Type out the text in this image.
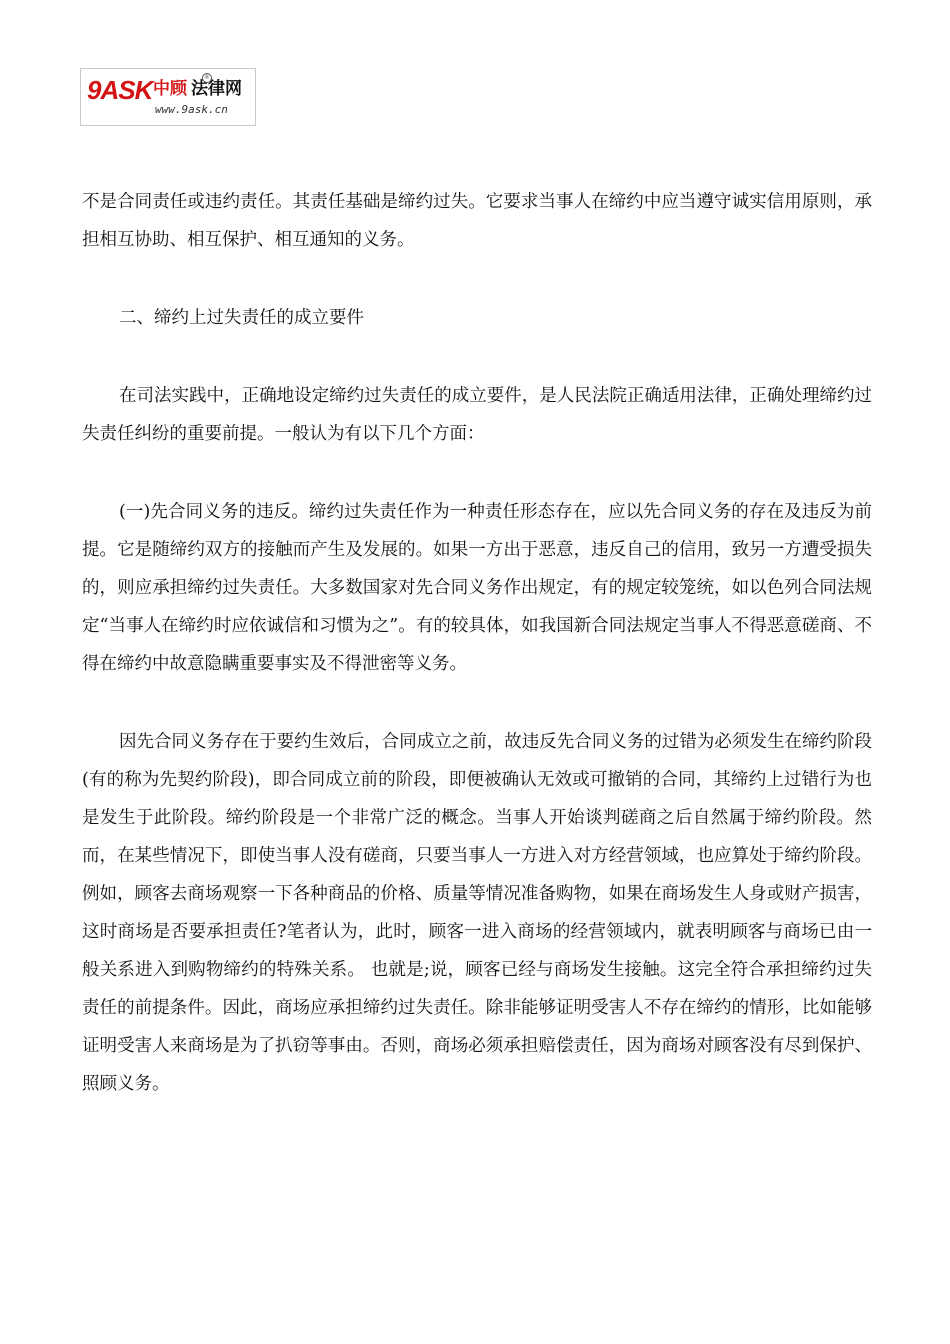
9ASK 中顾 法律网
®
www.9ask.cn

不是合同责任或违约责任。其责任基础是缔约过失。它要求当事人在缔约中应当遵守诚实信用原则，承担相互协助、相互保护、相互通知的义务。

二、缔约上过失责任的成立要件

在司法实践中，正确地设定缔约过失责任的成立要件，是人民法院正确适用法律，正确处理缔约过失责任纠纷的重要前提。一般认为有以下几个方面：

(一)先合同义务的违反。缔约过失责任作为一种责任形态存在，应以先合同义务的存在及违反为前提。它是随缔约双方的接触而产生及发展的。如果一方出于恶意，违反自己的信用，致另一方遭受损失的，则应承担缔约过失责任。大多数国家对先合同义务作出规定，有的规定较笼统，如以色列合同法规定“当事人在缔约时应依诚信和习惯为之”。有的较具体，如我国新合同法规定当事人不得恶意磋商、不得在缔约中故意隐瞒重要事实及不得泄密等义务。

因先合同义务存在于要约生效后，合同成立之前，故违反先合同义务的过错为必须发生在缔约阶段(有的称为先契约阶段)，即合同成立前的阶段，即便被确认无效或可撤销的合同，其缔约上过错行为也是发生于此阶段。缔约阶段是一个非常广泛的概念。当事人开始谈判磋商之后自然属于缔约阶段。然而，在某些情况下，即使当事人没有磋商，只要当事人一方进入对方经营领域，也应算处于缔约阶段。例如，顾客去商场观察一下各种商品的价格、质量等情况准备购物，如果在商场发生人身或财产损害，这时商场是否要承担责任?笔者认为，此时，顾客一进入商场的经营领域内，就表明顾客与商场已由一般关系进入到购物缔约的特殊关系。 也就是;说，顾客已经与商场发生接触。这完全符合承担缔约过失责任的前提条件。因此，商场应承担缔约过失责任。除非能够证明受害人不存在缔约的情形，比如能够证明受害人来商场是为了扒窃等事由。否则，商场必须承担赔偿责任，因为商场对顾客没有尽到保护、照顾义务。
